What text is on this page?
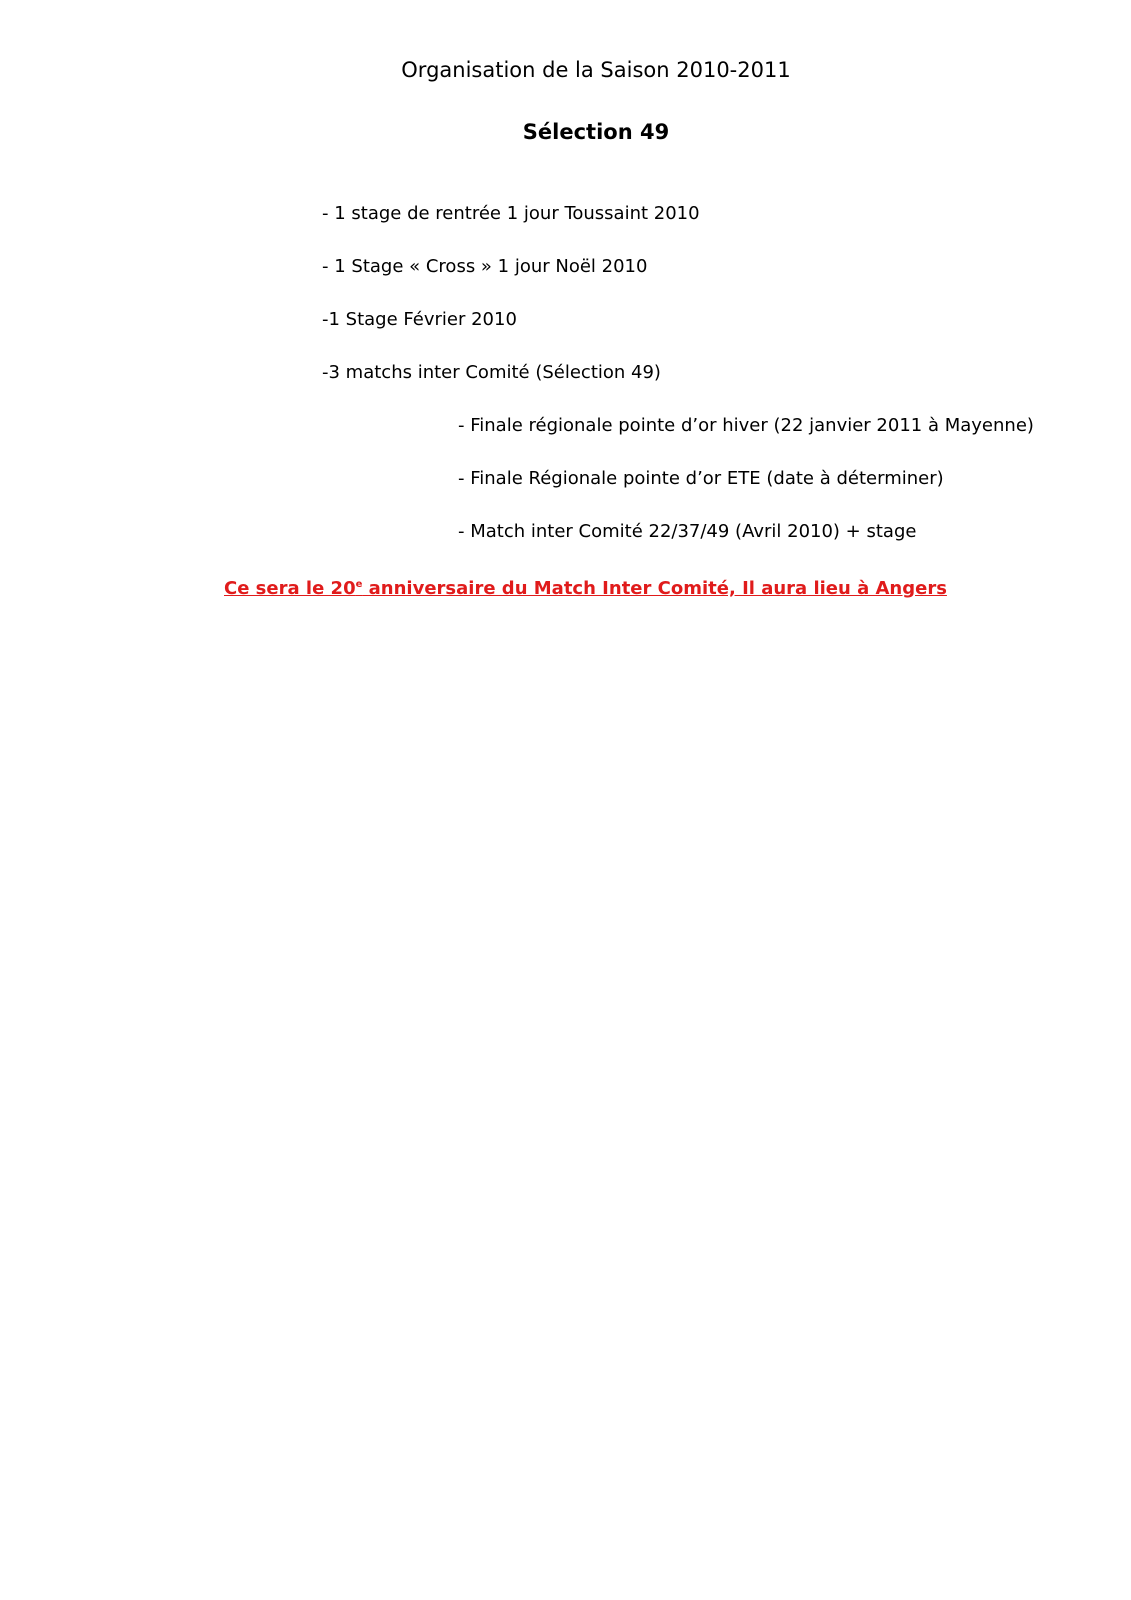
Organisation de la Saison 2010-2011
Sélection 49
- 1 stage de rentrée 1 jour Toussaint 2010
- 1 Stage « Cross » 1 jour Noël 2010
-1 Stage Février 2010
-3 matchs inter Comité (Sélection 49)
- Finale régionale pointe d’or hiver (22 janvier 2011 à Mayenne)
- Finale Régionale pointe d’or ETE (date à déterminer)
- Match inter Comité 22/37/49 (Avril 2010) + stage
Ce sera le 20e anniversaire du Match Inter Comité, Il aura lieu à Angers
